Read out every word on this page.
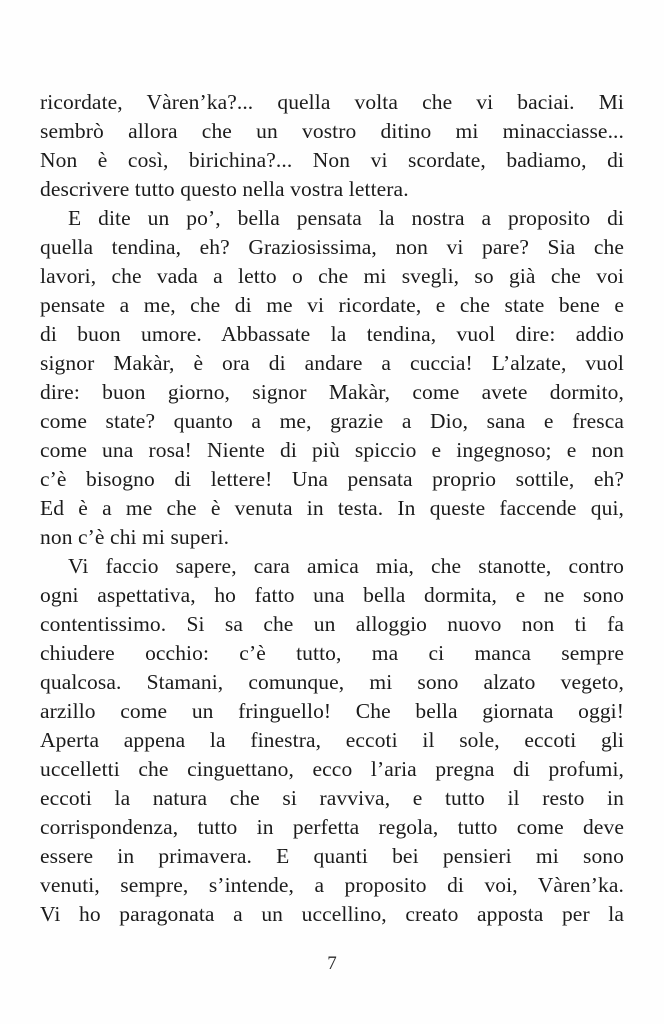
ricordate, Vàren’ka?... quella volta che vi baciai. Mi
sembrò allora che un vostro ditino mi minacciasse...
Non è così, birichina?... Non vi scordate, badiamo, di
descrivere tutto questo nella vostra lettera.
E dite un po’, bella pensata la nostra a proposito di
quella tendina, eh? Graziosissima, non vi pare? Sia che
lavori, che vada a letto o che mi svegli, so già che voi
pensate a me, che di me vi ricordate, e che state bene e
di buon umore. Abbassate la tendina, vuol dire: addio
signor Makàr, è ora di andare a cuccia! L’alzate, vuol
dire: buon giorno, signor Makàr, come avete dormito,
come state? quanto a me, grazie a Dio, sana e fresca
come una rosa! Niente di più spiccio e ingegnoso; e non
c’è bisogno di lettere! Una pensata proprio sottile, eh?
Ed è a me che è venuta in testa. In queste faccende qui,
non c’è chi mi superi.
Vi faccio sapere, cara amica mia, che stanotte, contro
ogni aspettativa, ho fatto una bella dormita, e ne sono
contentissimo. Si sa che un alloggio nuovo non ti fa
chiudere occhio: c’è tutto, ma ci manca sempre
qualcosa. Stamani, comunque, mi sono alzato vegeto,
arzillo come un fringuello! Che bella giornata oggi!
Aperta appena la finestra, eccoti il sole, eccoti gli
uccelletti che cinguettano, ecco l’aria pregna di profumi,
eccoti la natura che si ravviva, e tutto il resto in
corrispondenza, tutto in perfetta regola, tutto come deve
essere in primavera. E quanti bei pensieri mi sono
venuti, sempre, s’intende, a proposito di voi, Vàren’ka.
Vi ho paragonata a un uccellino, creato apposta per la
7
